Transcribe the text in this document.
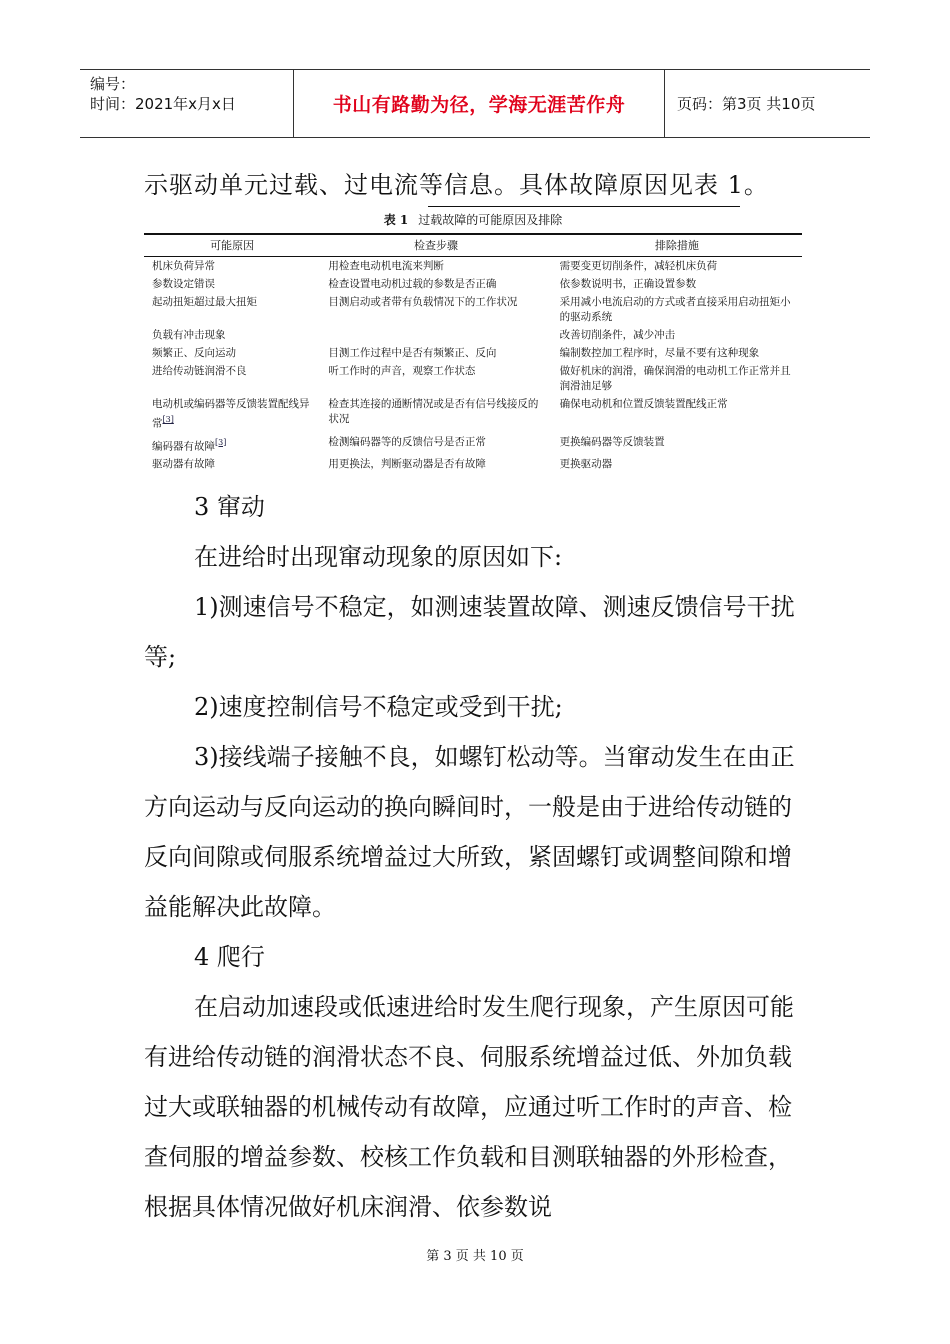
编号：
时间：2021年x月x日	书山有路勤为径，学海无涯苦作舟	页码：第3页 共10页
示驱动单元过载、过电流等信息。具体故障原因见表 1。
表 1 过载故障的可能原因及排除
可能原因	检查步骤	排除措施
机床负荷异常	用检查电动机电流来判断	需要变更切削条件，减轻机床负荷
参数设定错误	检查设置电动机过载的参数是否正确	依参数说明书，正确设置参数
起动扭矩超过最大扭矩	目测启动或者带有负载情况下的工作状况	采用减小电流启动的方式或者直接采用启动扭矩小的驱动系统
负载有冲击现象		改善切削条件，减少冲击
频繁正、反向运动	目测工作过程中是否有频繁正、反向	编制数控加工程序时，尽量不要有这种现象
进给传动链润滑不良	听工作时的声音，观察工作状态	做好机床的润滑，确保润滑的电动机工作正常并且润滑油足够
电动机或编码器等反馈装置配线异常[3]	检查其连接的通断情况或是否有信号线接反的状况	确保电动机和位置反馈装置配线正常
编码器有故障[3]	检测编码器等的反馈信号是否正常	更换编码器等反馈装置
驱动器有故障	用更换法，判断驱动器是否有故障	更换驱动器

3 窜动

在进给时出现窜动现象的原因如下:

1)测速信号不稳定，如测速装置故障、测速反馈信号干扰等;

2)速度控制信号不稳定或受到干扰;

3)接线端子接触不良，如螺钉松动等。当窜动发生在由正方向运动与反向运动的换向瞬间时，一般是由于进给传动链的反向间隙或伺服系统增益过大所致，紧固螺钉或调整间隙和增益能解决此故障。

4 爬行

在启动加速段或低速进给时发生爬行现象，产生原因可能有进给传动链的润滑状态不良、伺服系统增益过低、外加负载过大或联轴器的机械传动有故障，应通过听工作时的声音、检查伺服的增益参数、校核工作负载和目测联轴器的外形检查，根据具体情况做好机床润滑、依参数说

第 3 页 共 10 页
